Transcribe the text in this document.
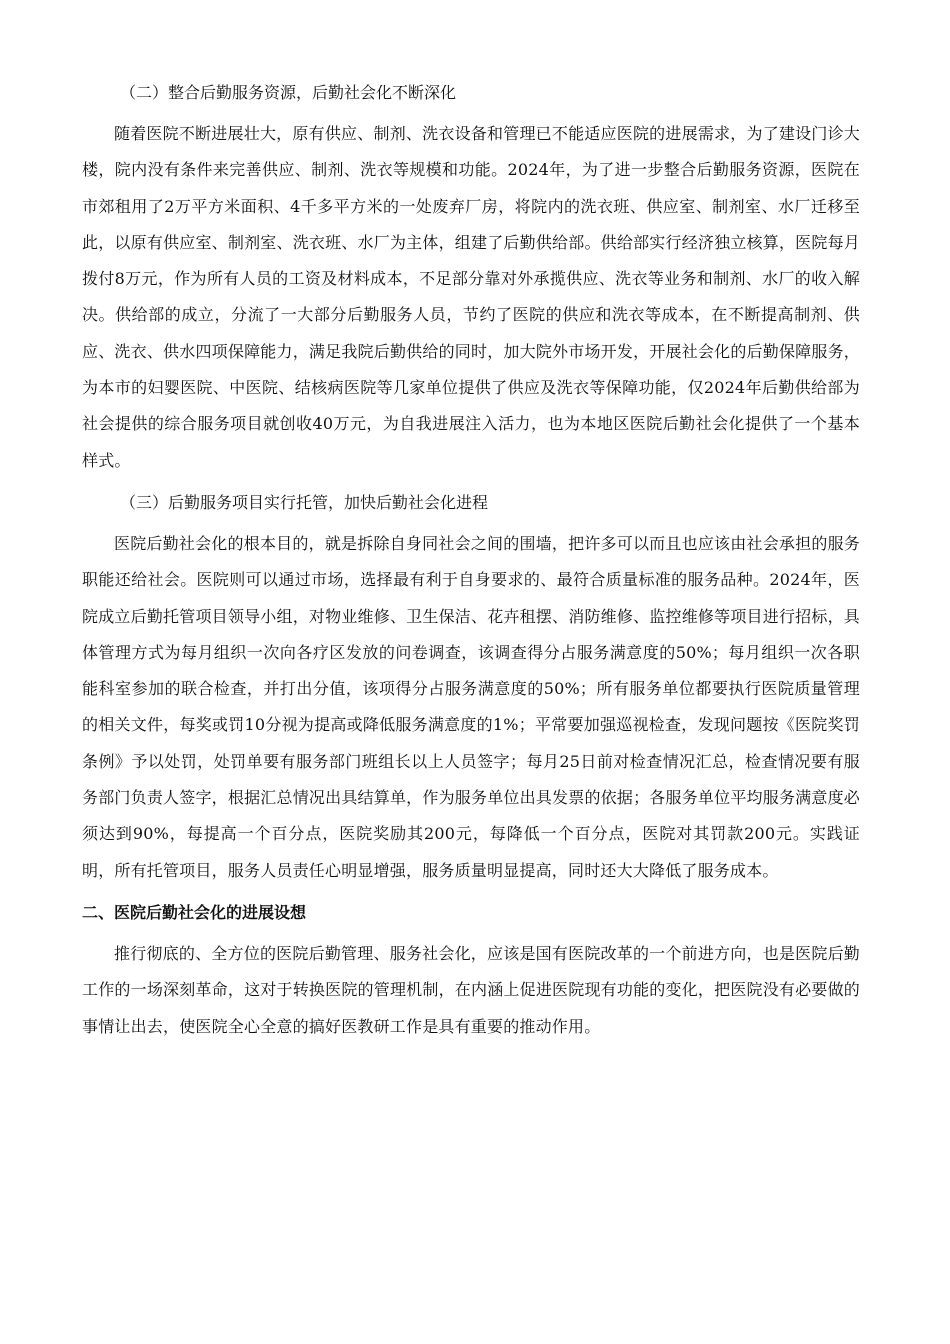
（二）整合后勤服务资源，后勤社会化不断深化

随着医院不断进展壮大，原有供应、制剂、洗衣设备和管理已不能适应医院的进展需求，为了建设门诊大楼，院内没有条件来完善供应、制剂、洗衣等规模和功能。2024年，为了进一步整合后勤服务资源，医院在市郊租用了2万平方米面积、4千多平方米的一处废弃厂房，将院内的洗衣班、供应室、制剂室、水厂迁移至此，以原有供应室、制剂室、洗衣班、水厂为主体，组建了后勤供给部。供给部实行经济独立核算，医院每月拨付8万元，作为所有人员的工资及材料成本，不足部分靠对外承揽供应、洗衣等业务和制剂、水厂的收入解决。供给部的成立，分流了一大部分后勤服务人员，节约了医院的供应和洗衣等成本，在不断提高制剂、供应、洗衣、供水四项保障能力，满足我院后勤供给的同时，加大院外市场开发，开展社会化的后勤保障服务，为本市的妇婴医院、中医院、结核病医院等几家单位提供了供应及洗衣等保障功能，仅2024年后勤供给部为社会提供的综合服务项目就创收40万元，为自我进展注入活力，也为本地区医院后勤社会化提供了一个基本样式。

（三）后勤服务项目实行托管，加快后勤社会化进程

医院后勤社会化的根本目的，就是拆除自身同社会之间的围墙，把许多可以而且也应该由社会承担的服务职能还给社会。医院则可以通过市场，选择最有利于自身要求的、最符合质量标准的服务品种。2024年，医院成立后勤托管项目领导小组，对物业维修、卫生保洁、花卉租摆、消防维修、监控维修等项目进行招标，具体管理方式为每月组织一次向各疗区发放的问卷调查，该调查得分占服务满意度的50%；每月组织一次各职能科室参加的联合检查，并打出分值，该项得分占服务满意度的50%；所有服务单位都要执行医院质量管理的相关文件，每奖或罚10分视为提高或降低服务满意度的1%；平常要加强巡视检查，发现问题按《医院奖罚条例》予以处罚，处罚单要有服务部门班组长以上人员签字；每月25日前对检查情况汇总，检查情况要有服务部门负责人签字，根据汇总情况出具结算单，作为服务单位出具发票的依据；各服务单位平均服务满意度必须达到90%，每提高一个百分点，医院奖励其200元，每降低一个百分点，医院对其罚款200元。实践证明，所有托管项目，服务人员责任心明显增强，服务质量明显提高，同时还大大降低了服务成本。

二、医院后勤社会化的进展设想

推行彻底的、全方位的医院后勤管理、服务社会化，应该是国有医院改革的一个前进方向，也是医院后勤工作的一场深刻革命，这对于转换医院的管理机制，在内涵上促进医院现有功能的变化，把医院没有必要做的事情让出去，使医院全心全意的搞好医教研工作是具有重要的推动作用。
